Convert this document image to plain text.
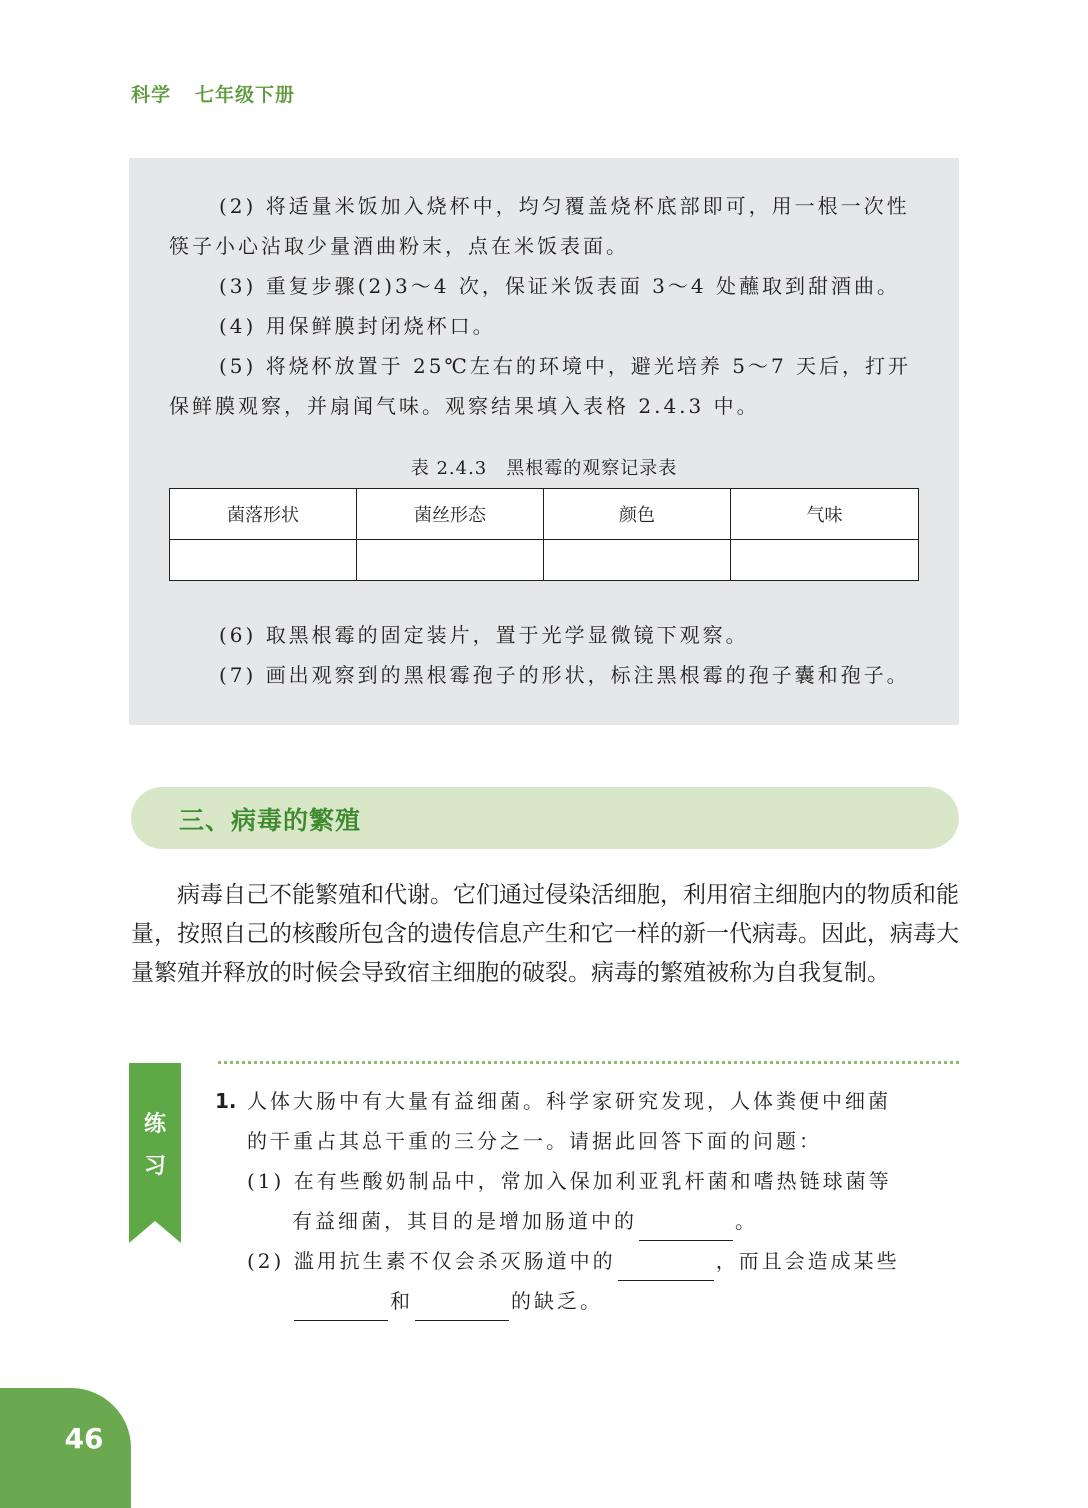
科学 七年级下册

(2) 将适量米饭加入烧杯中，均匀覆盖烧杯底部即可，用一根一次性筷子小心沾取少量酒曲粉末，点在米饭表面。

(3) 重复步骤(2)3～4 次，保证米饭表面 3～4 处蘸取到甜酒曲。

(4) 用保鲜膜封闭烧杯口。

(5) 将烧杯放置于 25℃左右的环境中，避光培养 5～7 天后，打开保鲜膜观察，并扇闻气味。观察结果填入表格 2.4.3 中。

表 2.4.3　黑根霉的观察记录表
菌落形状	菌丝形态	颜色	气味

(6) 取黑根霉的固定装片，置于光学显微镜下观察。

(7) 画出观察到的黑根霉孢子的形状，标注黑根霉的孢子囊和孢子。

三、病毒的繁殖

病毒自己不能繁殖和代谢。它们通过侵染活细胞，利用宿主细胞内的物质和能量，按照自己的核酸所包含的遗传信息产生和它一样的新一代病毒。因此，病毒大量繁殖并释放的时候会导致宿主细胞的破裂。病毒的繁殖被称为自我复制。

练
习
1. 人体大肠中有大量有益细菌。科学家研究发现，人体粪便中细菌

的干重占其总干重的三分之一。请据此回答下面的问题：

(1) 在有些酸奶制品中，常加入保加利亚乳杆菌和嗜热链球菌等

有益细菌，其目的是增加肠道中的	。

(2) 滥用抗生素不仅会杀灭肠道中的	，而且会造成某些

和	的缺乏。

46
